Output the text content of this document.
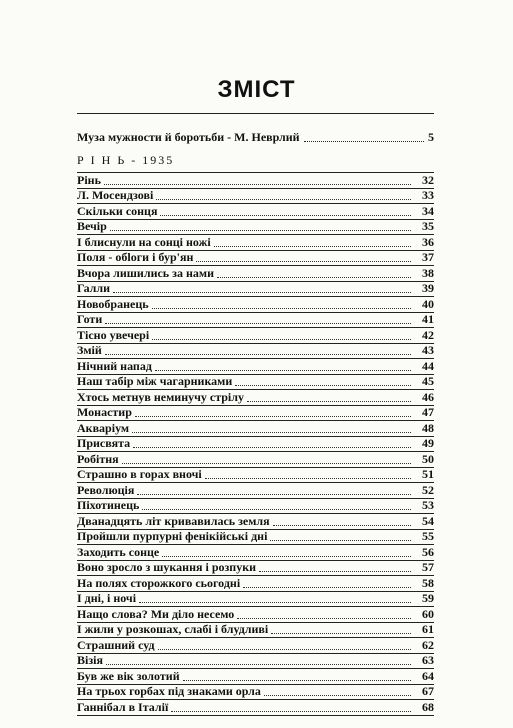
ЗМІСТ
Муза мужности й боротьби - М. Неврлий	5
Р І Н Ь - 1935
Рінь	32
Л. Мосендзові	33
Скільки сонця	34
Вечір	35
І блиснули на сонці ножі	36
Поля - обloги і бур'ян	37
Вчора лишились за нами	38
Галли	39
Новобранець	40
Готи	41
Тісно увечері	42
Змій	43
Нічний напад	44
Наш табір між чагарниками	45
Хтось метнув неминучу стрілу	46
Монастир	47
Акваріум	48
Присвята	49
Робітня	50
Страшно в горах вночі	51
Революція	52
Піхотинець	53
Дванадцять літ кривавилась земля	54
Пройшли пурпурні фенікійські дні	55
Заходить сонце	56
Воно зросло з шукання і розпуки	57
На полях сторожкого сьогодні	58
І дні, і ночі	59
Нащо слова? Ми діло несемо	60
І жили у розкошах, слабі і блудливі	61
Страшний суд	62
Візія	63
Був же вік золотий	64
На трьох горбах під знаками орла	67
Ганнібал в Італії	68
